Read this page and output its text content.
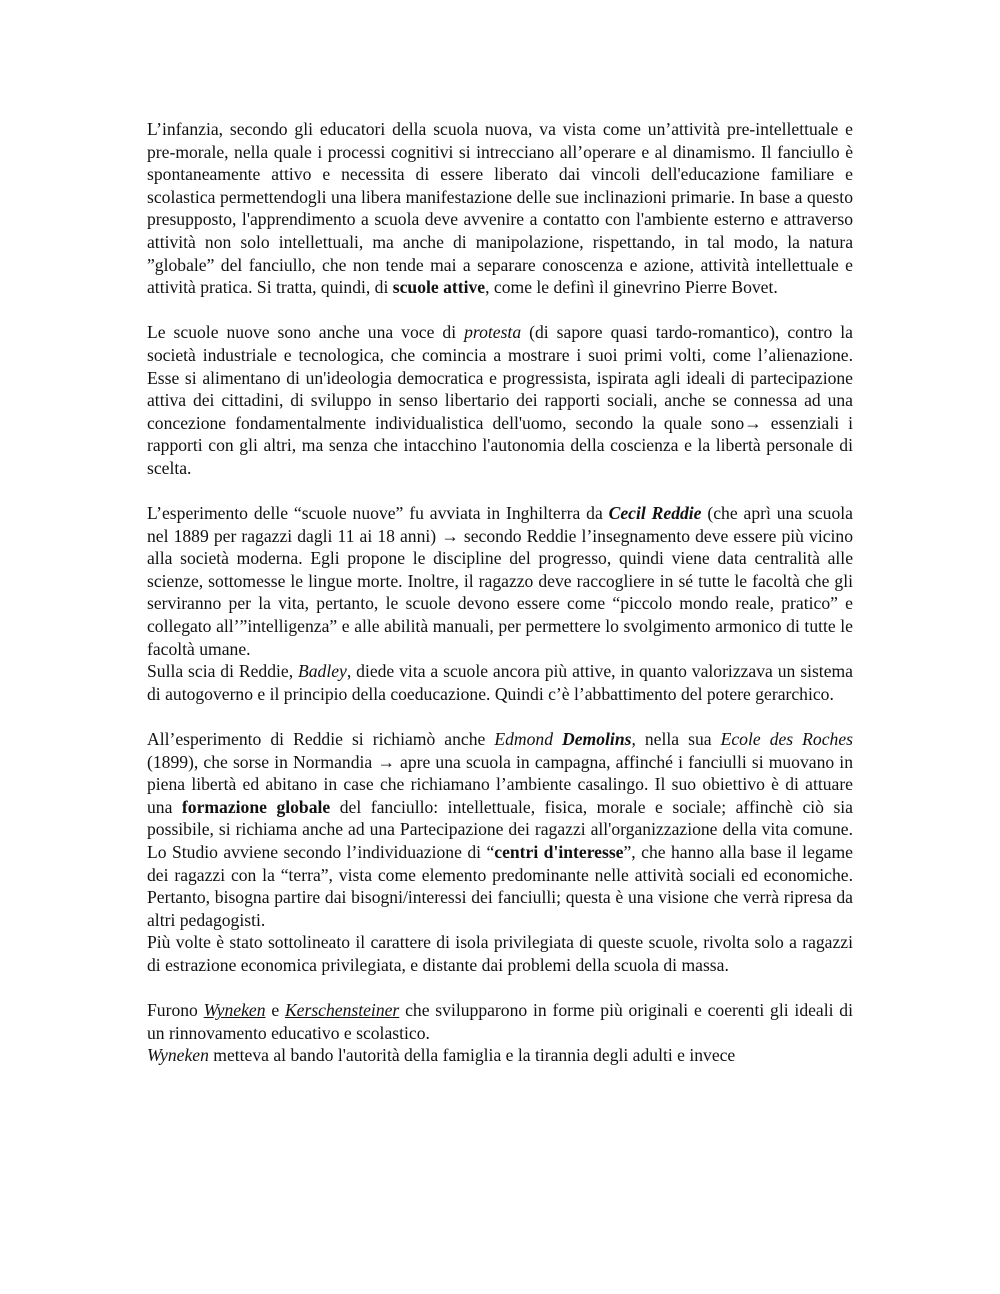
L’infanzia, secondo gli educatori della scuola nuova, va vista come un’attività pre-intellettuale e pre-morale, nella quale i processi cognitivi si intrecciano all’operare e al dinamismo. Il fanciullo è spontaneamente attivo e necessita di essere liberato dai vincoli dell'educazione familiare e scolastica permettendogli una libera manifestazione delle sue inclinazioni primarie. In base a questo presupposto, l'apprendimento a scuola deve avvenire a contatto con l'ambiente esterno e attraverso attività non solo intellettuali, ma anche di manipolazione, rispettando, in tal modo, la natura ”globale” del fanciullo, che non tende mai a separare conoscenza e azione, attività intellettuale e attività pratica. Si tratta, quindi, di scuole attive, come le definì il ginevrino Pierre Bovet.

Le scuole nuove sono anche una voce di protesta (di sapore quasi tardo-romantico), contro la società industriale e tecnologica, che comincia a mostrare i suoi primi volti, come l’alienazione. Esse si alimentano di un'ideologia democratica e progressista, ispirata agli ideali di partecipazione attiva dei cittadini, di sviluppo in senso libertario dei rapporti sociali, anche se connessa ad una concezione fondamentalmente individualistica dell'uomo, secondo la quale sono→ essenziali i rapporti con gli altri, ma senza che intacchino l'autonomia della coscienza e la libertà personale di scelta.

L’esperimento delle “scuole nuove” fu avviata in Inghilterra da Cecil Reddie (che aprì una scuola nel 1889 per ragazzi dagli 11 ai 18 anni) → secondo Reddie l’insegnamento deve essere più vicino alla società moderna. Egli propone le discipline del progresso, quindi viene data centralità alle scienze, sottomesse le lingue morte. Inoltre, il ragazzo deve raccogliere in sé tutte le facoltà che gli serviranno per la vita, pertanto, le scuole devono essere come “piccolo mondo reale, pratico” e collegato all’”intelligenza” e alle abilità manuali, per permettere lo svolgimento armonico di tutte le facoltà umane.

Sulla scia di Reddie, Badley, diede vita a scuole ancora più attive, in quanto valorizzava un sistema di autogoverno e il principio della coeducazione. Quindi c’è l’abbattimento del potere gerarchico.

All’esperimento di Reddie si richiamò anche Edmond Demolins, nella sua Ecole des Roches (1899), che sorse in Normandia → apre una scuola in campagna, affinché i fanciulli si muovano in piena libertà ed abitano in case che richiamano l’ambiente casalingo. Il suo obiettivo è di attuare una formazione globale del fanciullo: intellettuale, fisica, morale e sociale; affinchè ciò sia possibile, si richiama anche ad una Partecipazione dei ragazzi all'organizzazione della vita comune. Lo Studio avviene secondo l’individuazione di “centri d'interesse”, che hanno alla base il legame dei ragazzi con la “terra”, vista come elemento predominante nelle attività sociali ed economiche. Pertanto, bisogna partire dai bisogni/interessi dei fanciulli; questa è una visione che verrà ripresa da altri pedagogisti.

Più volte è stato sottolineato il carattere di isola privilegiata di queste scuole, rivolta solo a ragazzi di estrazione economica privilegiata, e distante dai problemi della scuola di massa.

Furono Wyneken e Kerschensteiner che svilupparono in forme più originali e coerenti gli ideali di un rinnovamento educativo e scolastico.

Wyneken metteva al bando l'autorità della famiglia e la tirannia degli adulti e invece
